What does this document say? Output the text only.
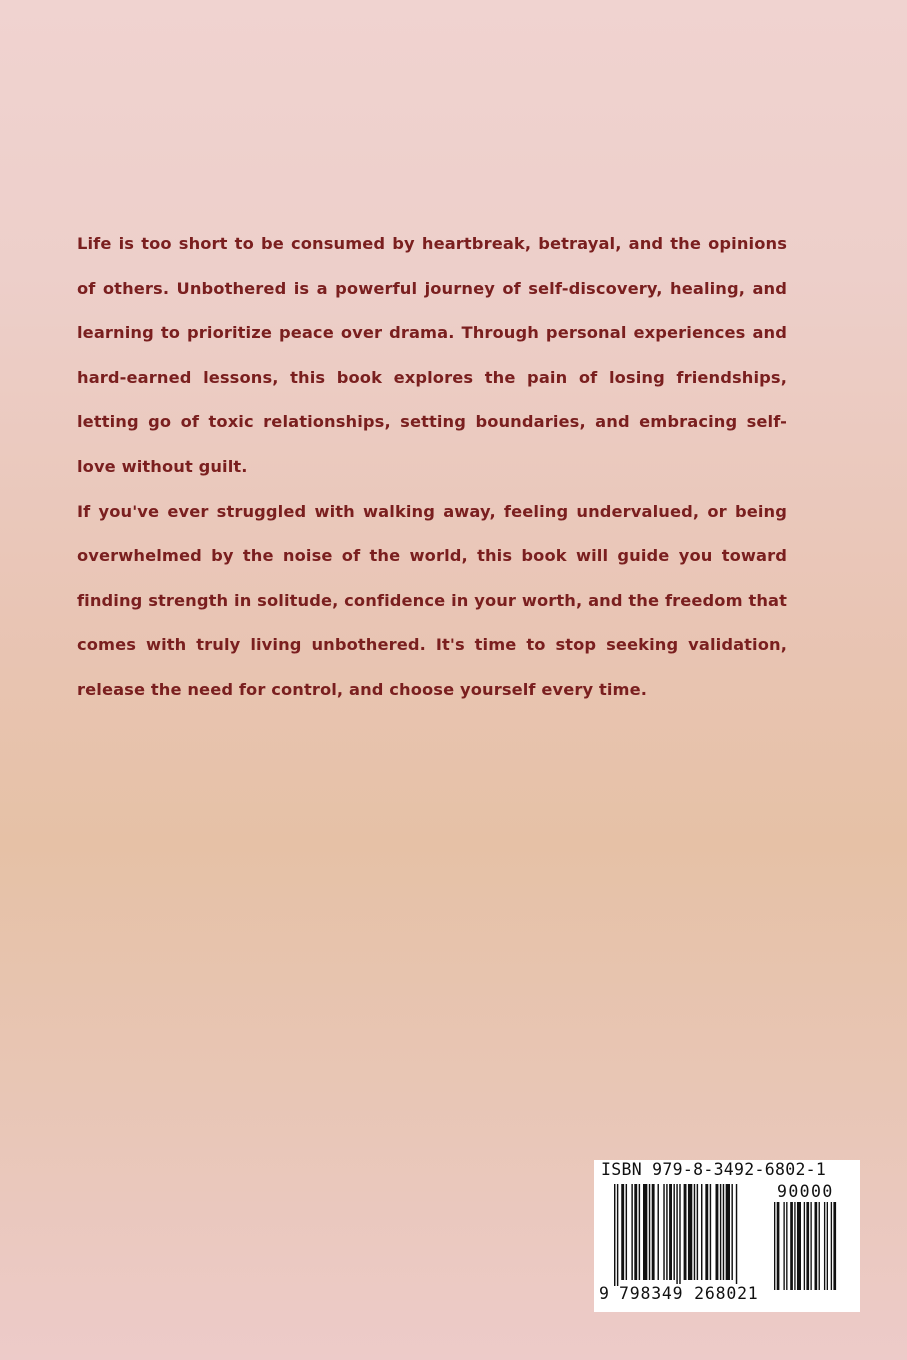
Life is too short to be consumed by heartbreak, betrayal, and the opinions of others. Unbothered is a powerful journey of self-discovery, healing, and learning to prioritize peace over drama. Through personal experiences and hard-earned lessons, this book explores the pain of losing friendships, letting go of toxic relationships, setting boundaries, and embracing self-love without guilt.

If you've ever struggled with walking away, feeling undervalued, or being overwhelmed by the noise of the world, this book will guide you toward finding strength in solitude, confidence in your worth, and the freedom that comes with truly living unbothered. It's time to stop seeking validation, release the need for control, and choose yourself every time.

ISBN 979-8-3492-6802-1
90000
9 798349 268021
